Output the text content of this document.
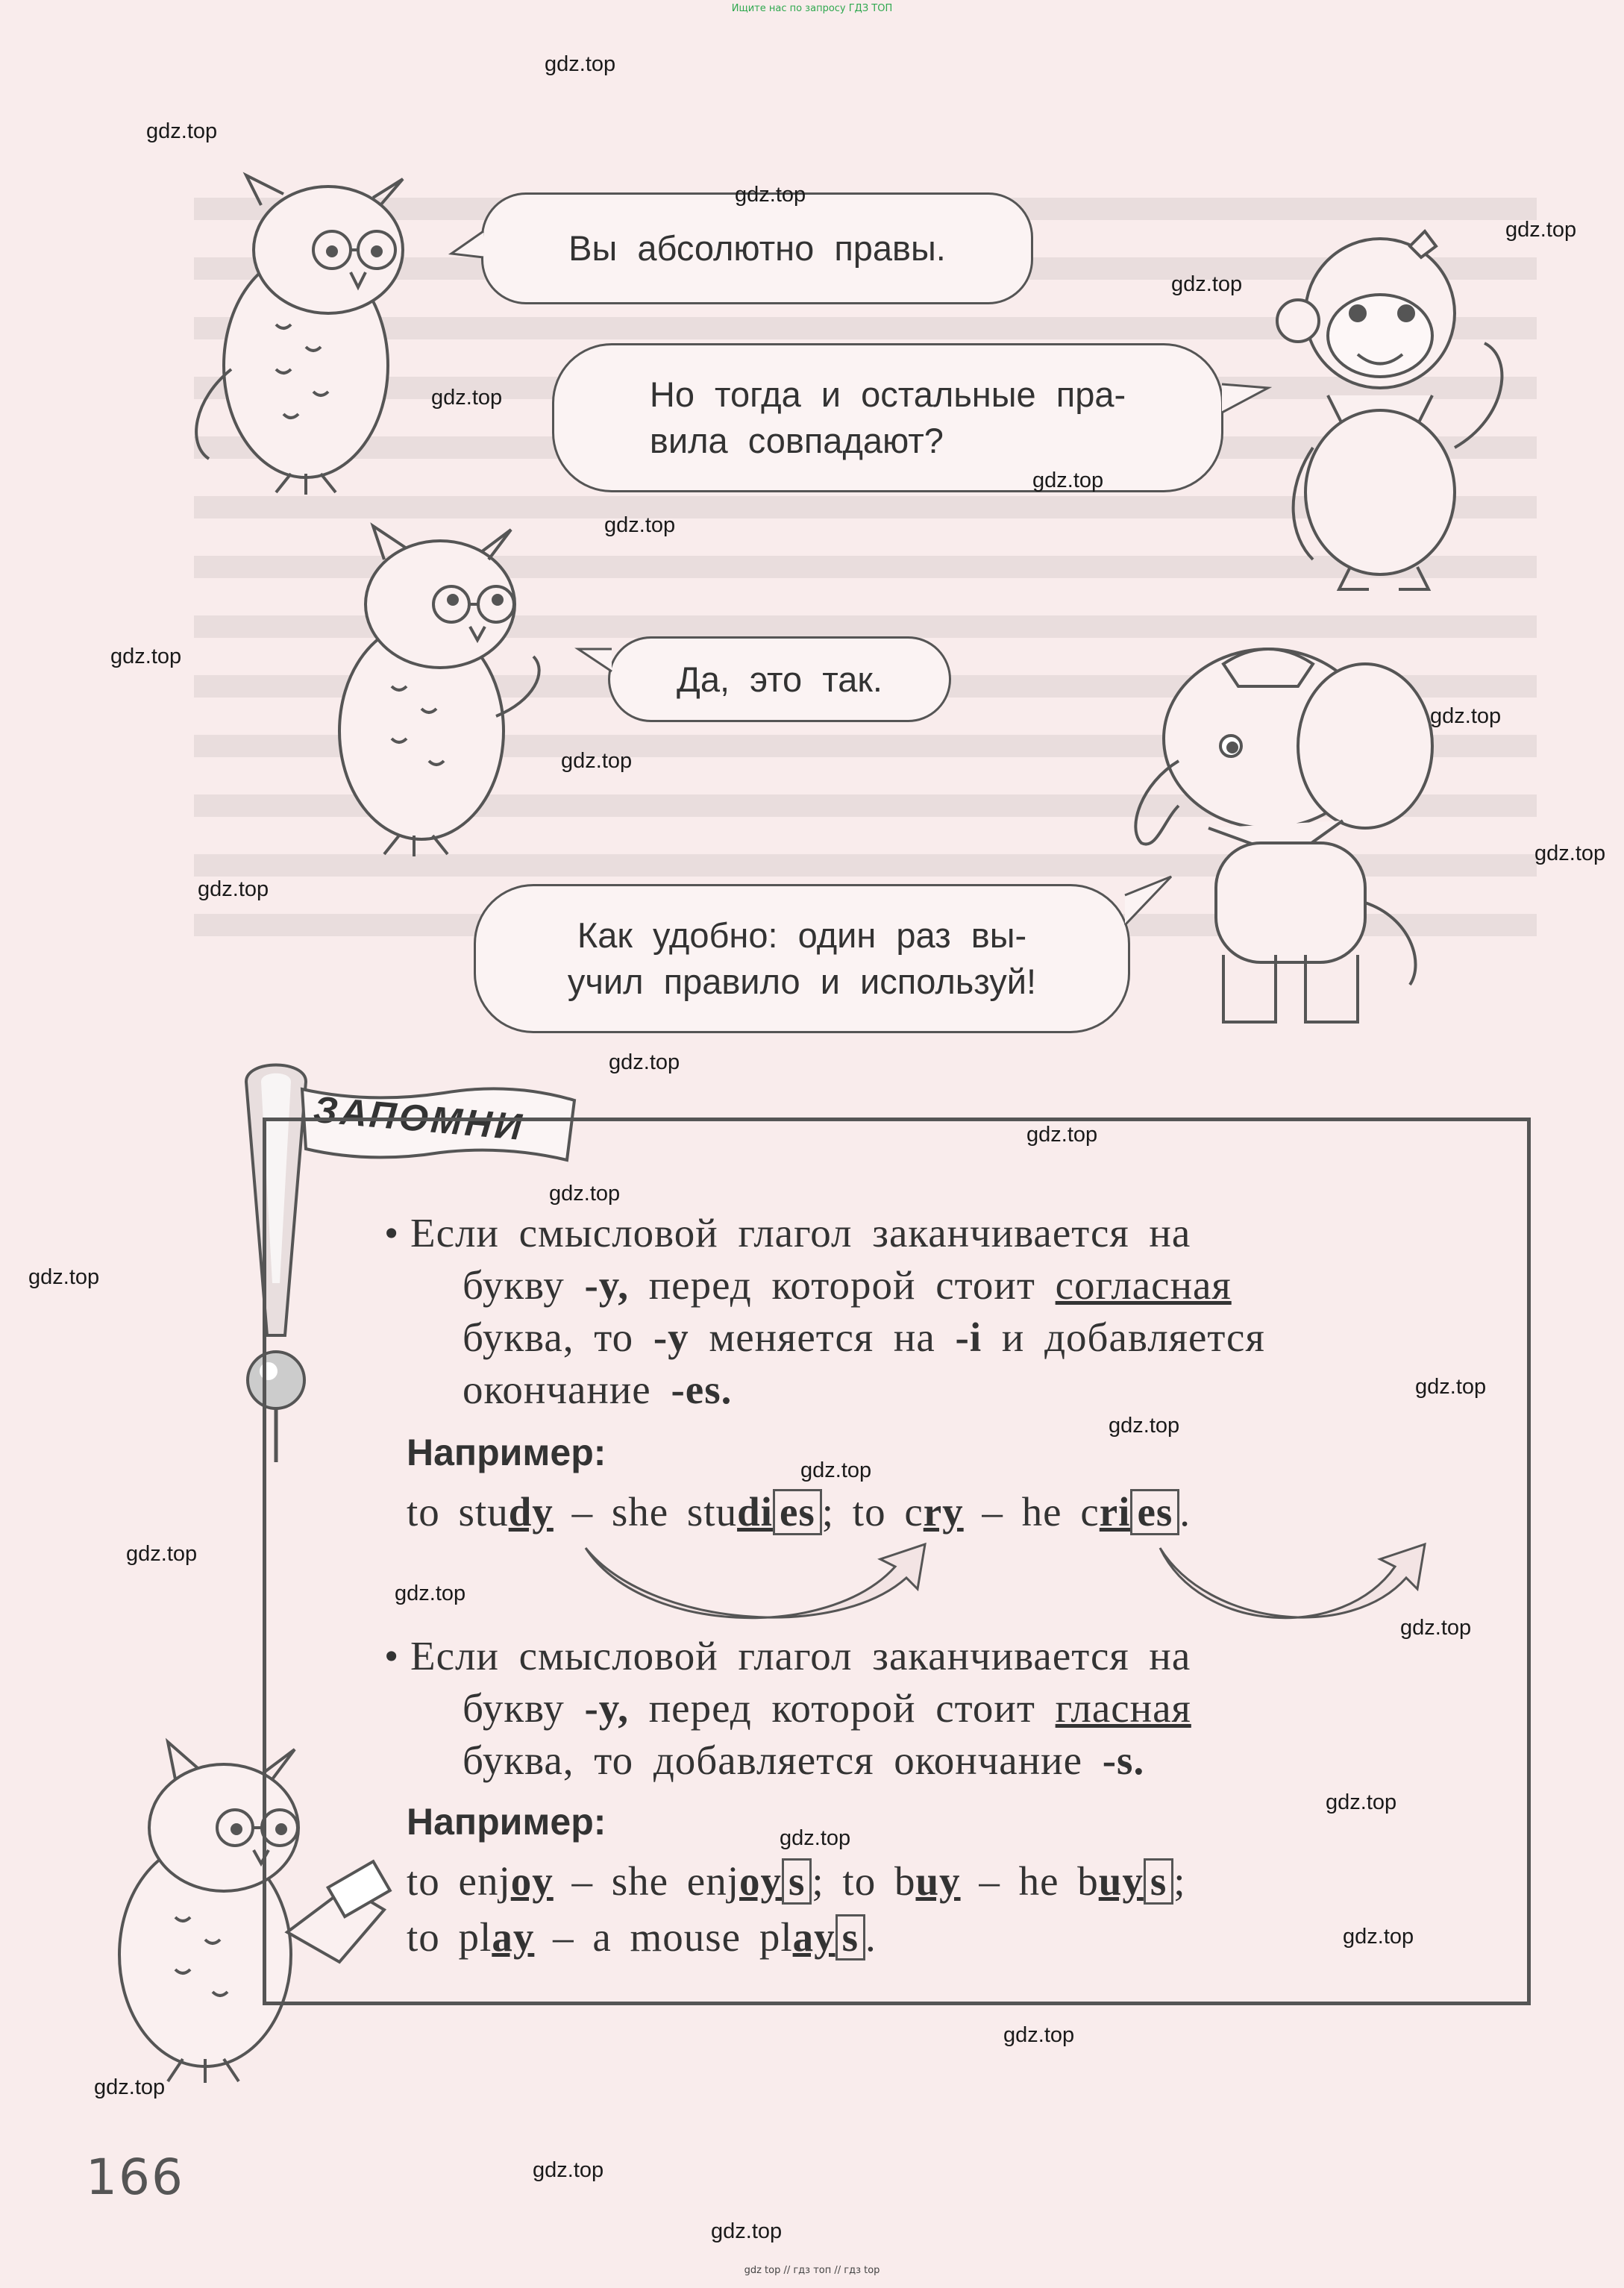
Ищите нас по запросу ГДЗ ТОП
Вы абсолютно правы.
Но тогда и остальные пра-
вила совпадают?
Да, это так.
Как удобно: один раз вы-
учил правило и используй!
ЗАПОМНИ
• Если смысловой глагол заканчивается на
букву -y, перед которой стоит согласная
буква, то -y меняется на -i и добавляется
окончание -es.
Например:
to study – she studi es ; to cry – he cri es .
• Если смысловой глагол заканчивается на
букву -y, перед которой стоит гласная
буква, то добавляется окончание -s.
Например:
to enjoy – she enjoy s ; to buy – he buy s ;
to play – a mouse play s .
166
gdz.top
gdz.top
gdz.top
gdz.top
gdz.top
gdz.top
gdz.top
gdz.top
gdz.top
gdz.top
gdz.top
gdz.top
gdz.top
gdz.top
gdz.top
gdz.top
gdz.top
gdz.top
gdz.top
gdz.top
gdz.top
gdz.top
gdz.top
gdz.top
gdz.top
gdz.top
gdz.top
gdz.top
gdz.top
gdz.top
gdz top // гдз топ // гдз top
